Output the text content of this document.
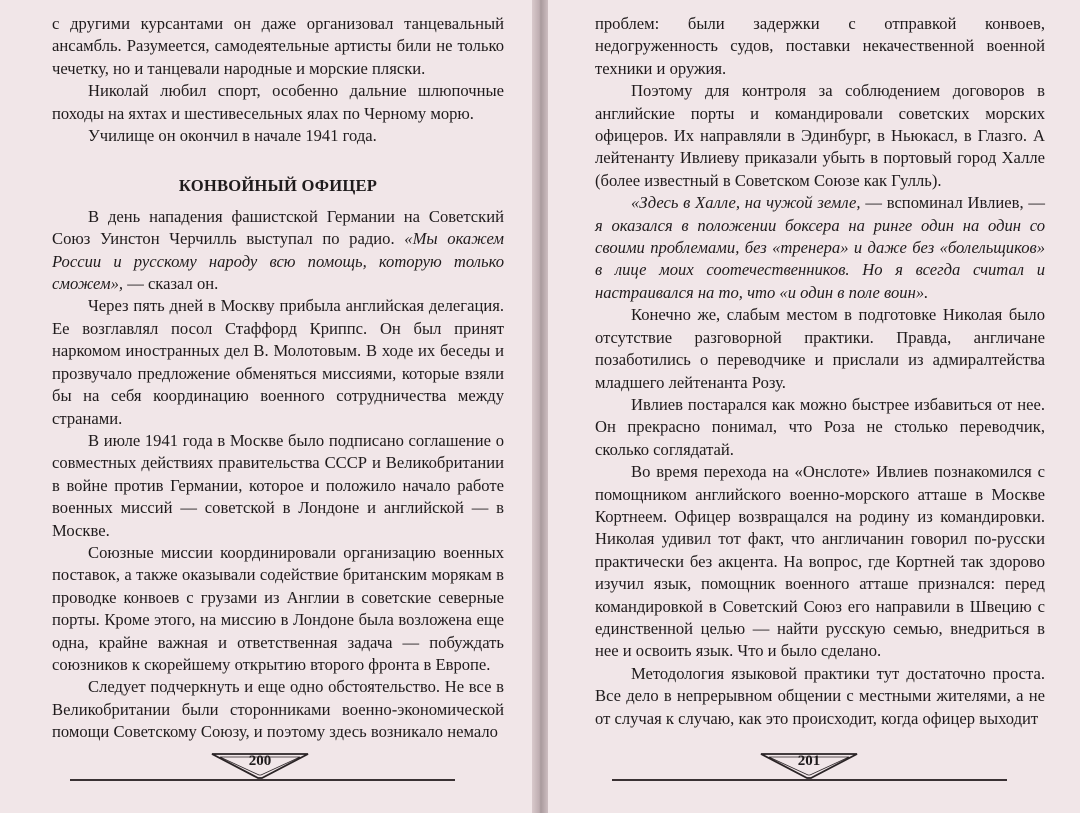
с другими курсантами он даже организовал танцевальный ансамбль. Разумеется, самодеятельные артисты били не только чечетку, но и танцевали народные и морские пляски.

Николай любил спорт, особенно дальние шлюпочные походы на яхтах и шестивесельных ялах по Черному морю.

Училище он окончил в начале 1941 года.

КОНВОЙНЫЙ ОФИЦЕР

В день нападения фашистской Германии на Советский Союз Уинстон Черчилль выступал по радио. «Мы окажем России и русскому народу всю помощь, которую только сможем», — сказал он.

Через пять дней в Москву прибыла английская делегация. Ее возглавлял посол Стаффорд Криппс. Он был принят наркомом иностранных дел В. Молотовым. В ходе их беседы и прозвучало предложение обменяться миссиями, которые взяли бы на себя координацию военного сотрудничества между странами.

В июле 1941 года в Москве было подписано соглашение о совместных действиях правительства СССР и Великобритании в войне против Германии, которое и положило начало работе военных миссий — советской в Лондоне и английской — в Москве.

Союзные миссии координировали организацию военных поставок, а также оказывали содействие британским морякам в проводке конвоев с грузами из Англии в советские северные порты. Кроме этого, на миссию в Лондоне была возложена еще одна, крайне важная и ответственная задача — побуждать союзников к скорейшему открытию второго фронта в Европе.

Следует подчеркнуть и еще одно обстоятельство. Не все в Великобритании были сторонниками военно-экономической помощи Советскому Союзу, и поэтому здесь возникало немало

200

проблем: были задержки с отправкой конвоев, недогруженность судов, поставки некачественной военной техники и оружия.

Поэтому для контроля за соблюдением договоров в английские порты и командировали советских морских офицеров. Их направляли в Эдинбург, в Ньюкасл, в Глазго. А лейтенанту Ивлиеву приказали убыть в портовый город Халле (более известный в Советском Союзе как Гулль).

«Здесь в Халле, на чужой земле, — вспоминал Ивлиев, — я оказался в положении боксера на ринге один на один со своими проблемами, без «тренера» и даже без «болельщиков» в лице моих соотечественников. Но я всегда считал и настраивался на то, что «и один в поле воин».

Конечно же, слабым местом в подготовке Николая было отсутствие разговорной практики. Правда, англичане позаботились о переводчике и прислали из адмиралтейства младшего лейтенанта Розу.

Ивлиев постарался как можно быстрее избавиться от нее. Он прекрасно понимал, что Роза не столько переводчик, сколько соглядатай.

Во время перехода на «Онслоте» Ивлиев познакомился с помощником английского военно-морского атташе в Москве Кортнеем. Офицер возвращался на родину из командировки. Николая удивил тот факт, что англичанин говорил по-русски практически без акцента. На вопрос, где Кортней так здорово изучил язык, помощник военного атташе признался: перед командировкой в Советский Союз его направили в Швецию с единственной целью — найти русскую семью, внедриться в нее и освоить язык. Что и было сделано.

Методология языковой практики тут достаточно проста. Все дело в непрерывном общении с местными жителями, а не от случая к случаю, как это происходит, когда офицер выходит

201
